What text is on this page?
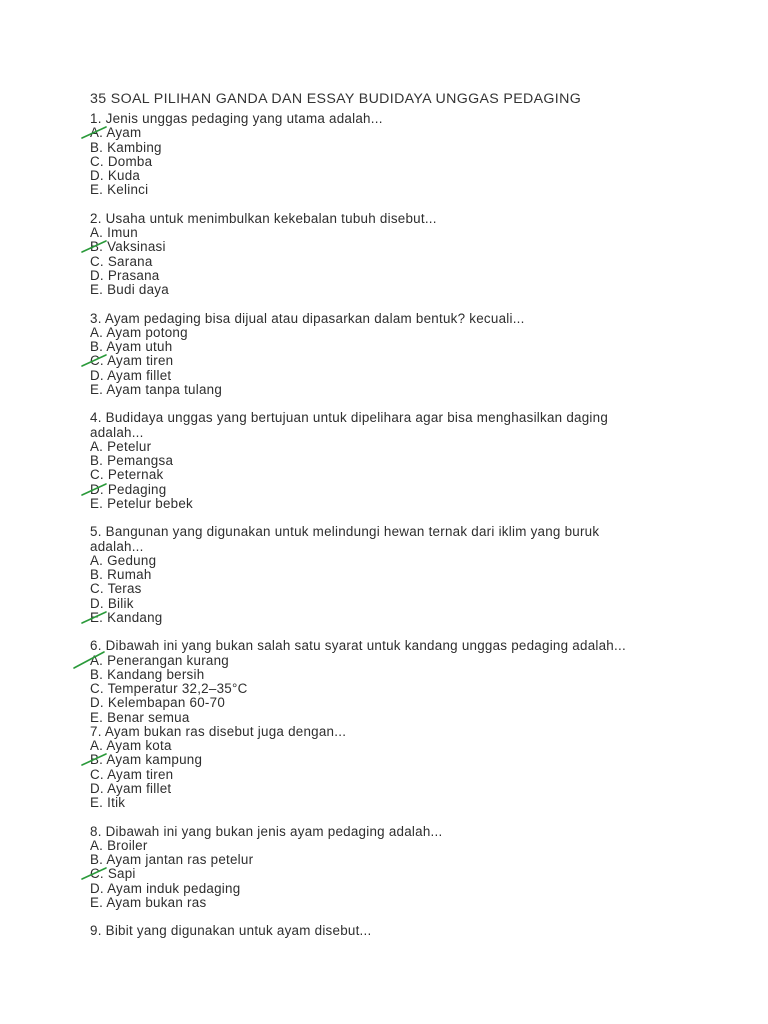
35 SOAL PILIHAN GANDA DAN ESSAY BUDIDAYA UNGGAS PEDAGING
1. Jenis unggas pedaging yang utama adalah...
A. Ayam
B. Kambing
C. Domba
D. Kuda
E. Kelinci
2. Usaha untuk menimbulkan kekebalan tubuh disebut...
A. Imun
B. Vaksinasi
C. Sarana
D. Prasana
E. Budi daya
3. Ayam pedaging bisa dijual atau dipasarkan dalam bentuk? kecuali...
A. Ayam potong
B. Ayam utuh
C. Ayam tiren
D. Ayam fillet
E. Ayam tanpa tulang
4. Budidaya unggas yang bertujuan untuk dipelihara agar bisa menghasilkan daging
adalah...
A. Petelur
B. Pemangsa
C. Peternak
D. Pedaging
E. Petelur bebek
5. Bangunan yang digunakan untuk melindungi hewan ternak dari iklim yang buruk
adalah...
A. Gedung
B. Rumah
C. Teras
D. Bilik
E. Kandang
6. Dibawah ini yang bukan salah satu syarat untuk kandang unggas pedaging adalah...
A. Penerangan kurang
B. Kandang bersih
C. Temperatur 32,2–35°C
D. Kelembapan 60-70
E. Benar semua
7. Ayam bukan ras disebut juga dengan...
A. Ayam kota
B. Ayam kampung
C. Ayam tiren
D. Ayam fillet
E. Itik
8. Dibawah ini yang bukan jenis ayam pedaging adalah...
A. Broiler
B. Ayam jantan ras petelur
C. Sapi
D. Ayam induk pedaging
E. Ayam bukan ras
9. Bibit yang digunakan untuk ayam disebut...
